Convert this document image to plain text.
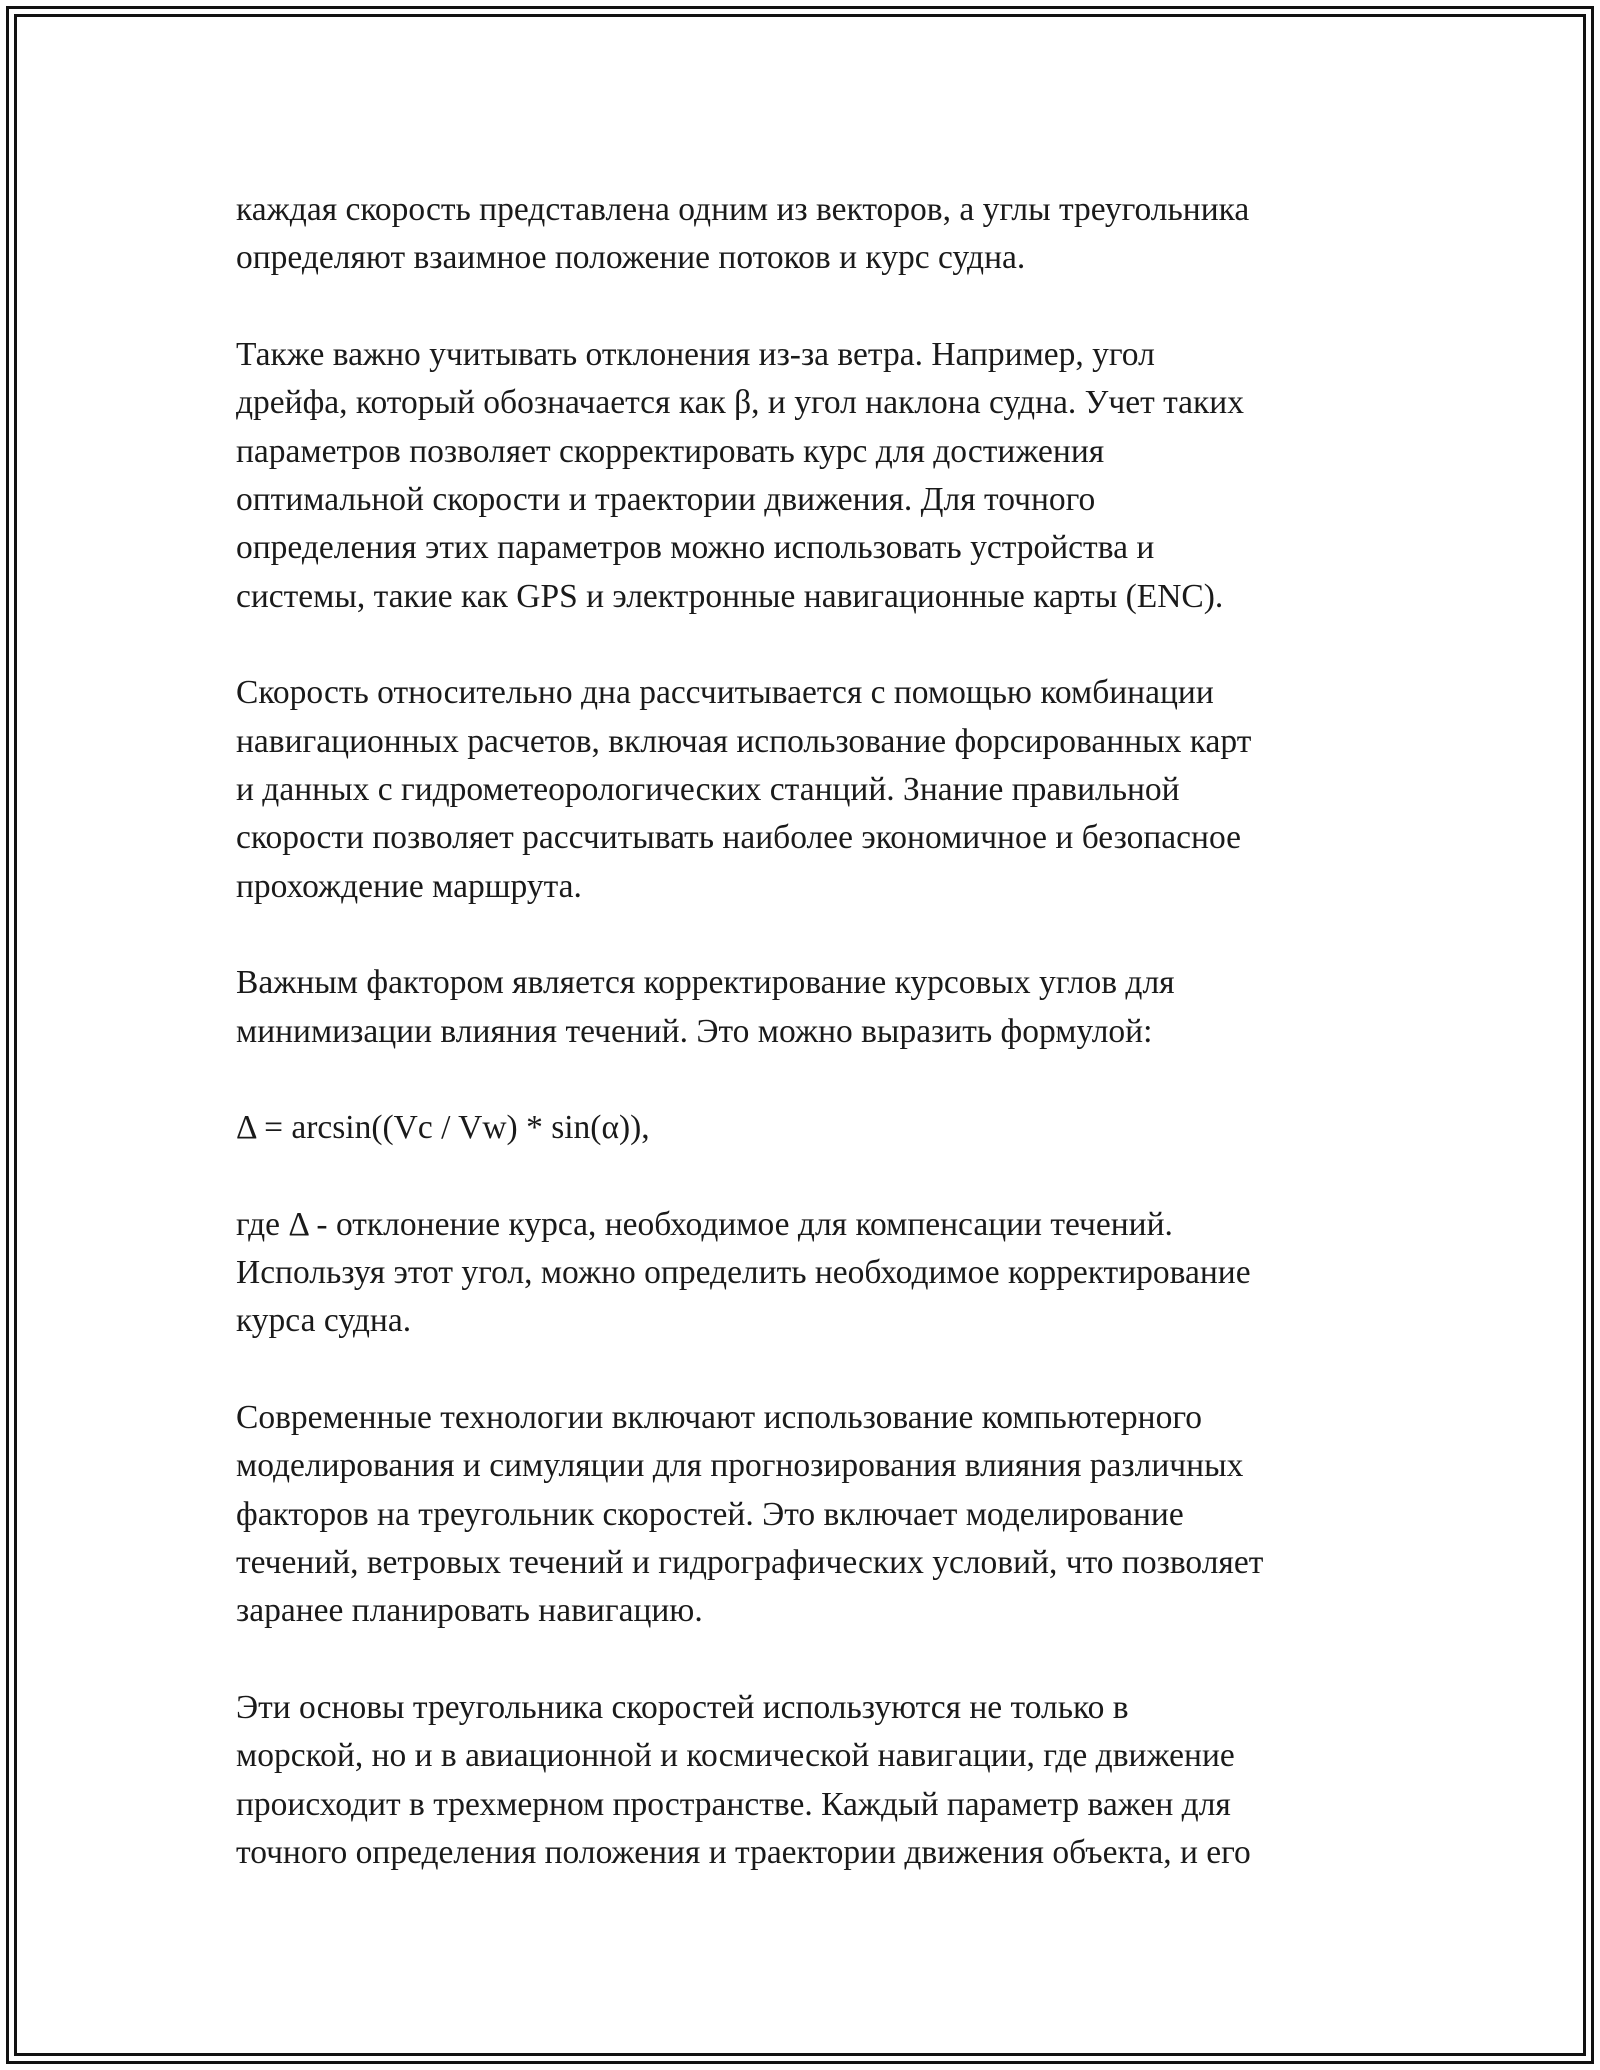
каждая скорость представлена одним из векторов, а углы треугольника
определяют взаимное положение потоков и курс судна.

Также важно учитывать отклонения из-за ветра. Например, угол
дрейфа, который обозначается как β, и угол наклона судна. Учет таких
параметров позволяет скорректировать курс для достижения
оптимальной скорости и траектории движения. Для точного
определения этих параметров можно использовать устройства и
системы, такие как GPS и электронные навигационные карты (ENC).

Скорость относительно дна рассчитывается с помощью комбинации
навигационных расчетов, включая использование форсированных карт
и данных с гидрометеорологических станций. Знание правильной
скорости позволяет рассчитывать наиболее экономичное и безопасное
прохождение маршрута.

Важным фактором является корректирование курсовых углов для
минимизации влияния течений. Это можно выразить формулой:

Δ = arcsin((Vc / Vw) * sin(α)),

где Δ - отклонение курса, необходимое для компенсации течений.
Используя этот угол, можно определить необходимое корректирование
курса судна.

Современные технологии включают использование компьютерного
моделирования и симуляции для прогнозирования влияния различных
факторов на треугольник скоростей. Это включает моделирование
течений, ветровых течений и гидрографических условий, что позволяет
заранее планировать навигацию.

Эти основы треугольника скоростей используются не только в
морской, но и в авиационной и космической навигации, где движение
происходит в трехмерном пространстве. Каждый параметр важен для
точного определения положения и траектории движения объекта, и его
